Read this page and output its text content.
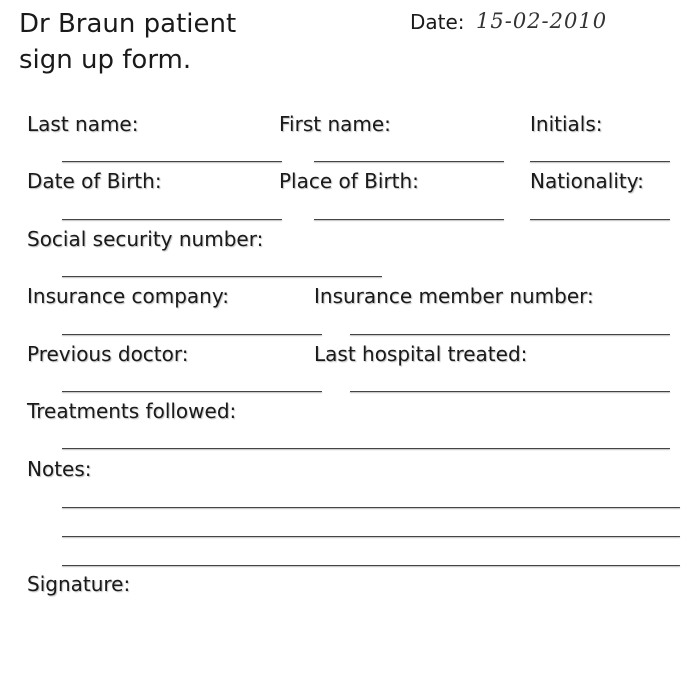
Dr Braun patient
sign up form.
Date: 15-02-2010
Last name:	First name:	Initials:
Date of Birth:	Place of Birth:	Nationality:
Social security number:
Insurance company:	Insurance member number:
Previous doctor:	Last hospital treated:
Treatments followed:
Notes:
Signature:
